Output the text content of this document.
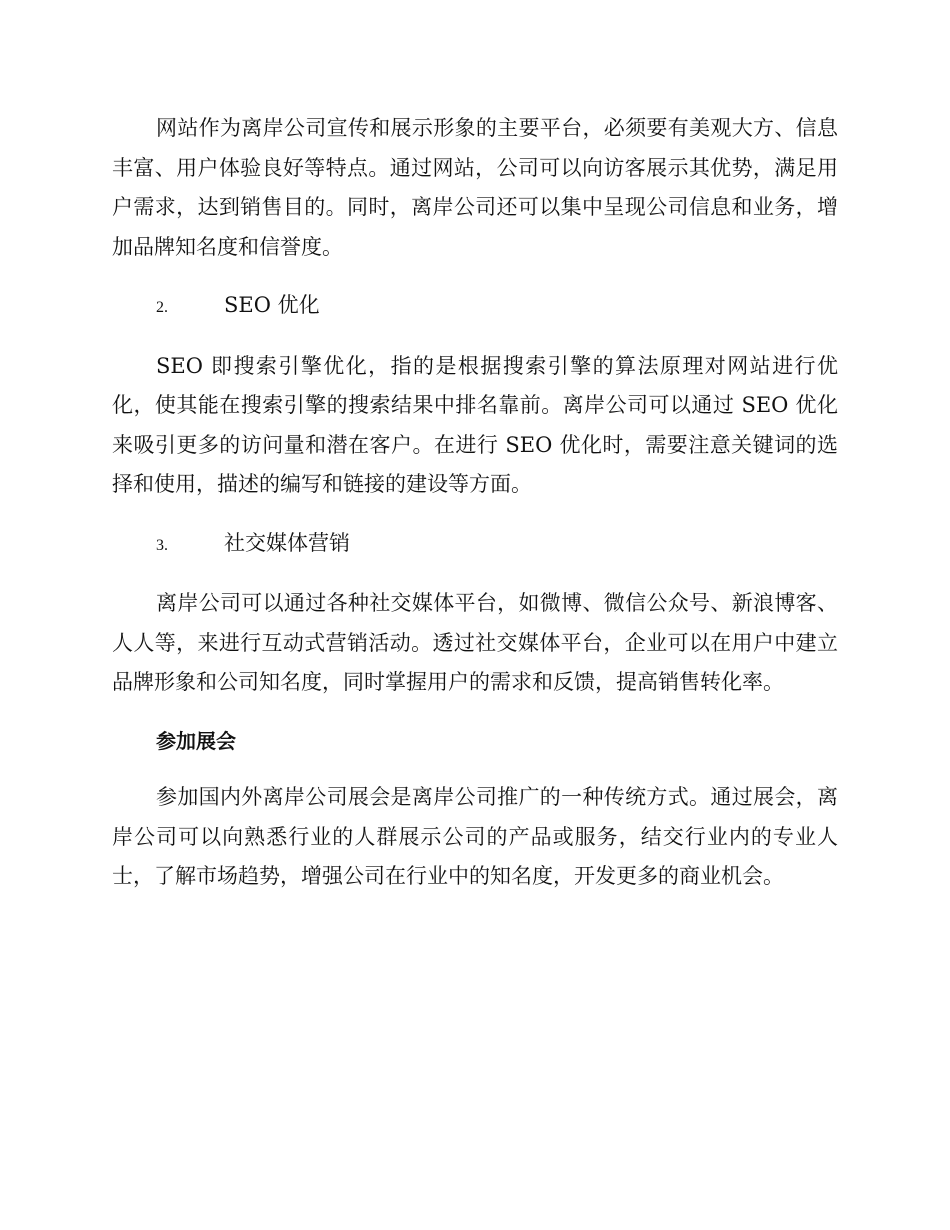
网站作为离岸公司宣传和展示形象的主要平台，必须要有美观大方、信息丰富、用户体验良好等特点。通过网站，公司可以向访客展示其优势，满足用户需求，达到销售目的。同时，离岸公司还可以集中呈现公司信息和业务，增加品牌知名度和信誉度。

2.	SEO 优化

SEO 即搜索引擎优化，指的是根据搜索引擎的算法原理对网站进行优化，使其能在搜索引擎的搜索结果中排名靠前。离岸公司可以通过 SEO 优化来吸引更多的访问量和潜在客户。在进行 SEO 优化时，需要注意关键词的选择和使用，描述的编写和链接的建设等方面。

3.	社交媒体营销

离岸公司可以通过各种社交媒体平台，如微博、微信公众号、新浪博客、人人等，来进行互动式营销活动。透过社交媒体平台，企业可以在用户中建立品牌形象和公司知名度，同时掌握用户的需求和反馈，提高销售转化率。

参加展会

参加国内外离岸公司展会是离岸公司推广的一种传统方式。通过展会，离岸公司可以向熟悉行业的人群展示公司的产品或服务，结交行业内的专业人士，了解市场趋势，增强公司在行业中的知名度，开发更多的商业机会。
